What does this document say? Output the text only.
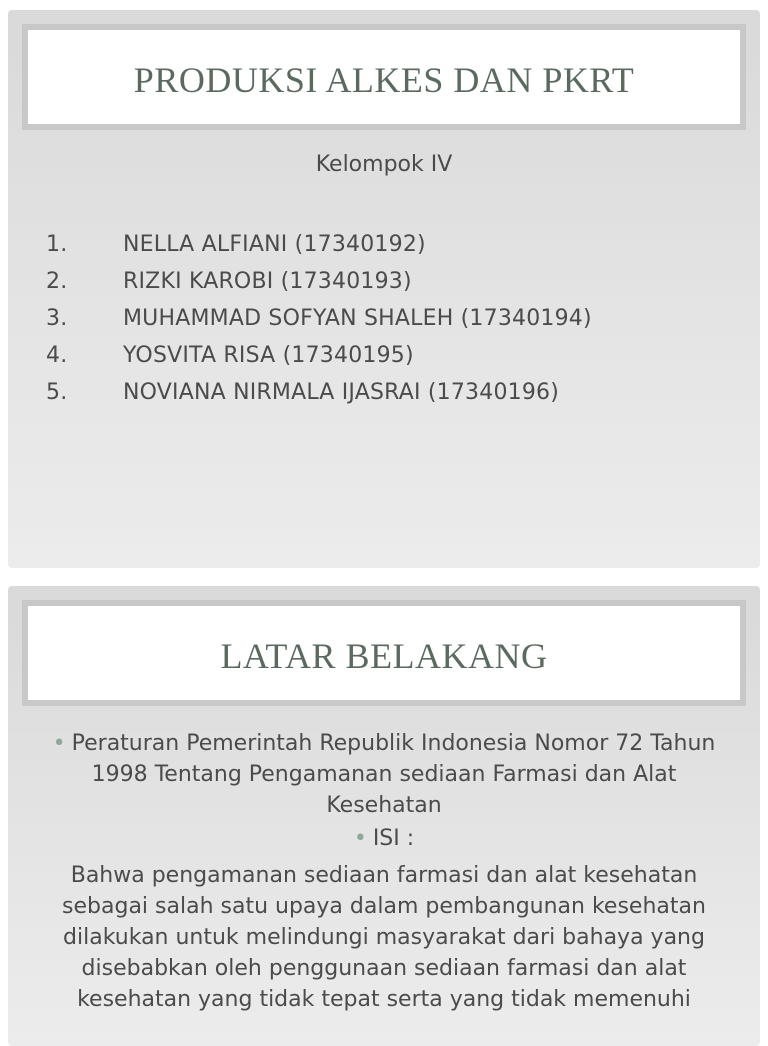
PRODUKSI ALKES DAN PKRT
Kelompok IV
1.	NELLA ALFIANI (17340192)
2.	RIZKI KAROBI (17340193)
3.	MUHAMMAD SOFYAN SHALEH (17340194)
4.	YOSVITA RISA (17340195)
5.	NOVIANA NIRMALA IJASRAI (17340196)
LATAR BELAKANG
• Peraturan Pemerintah Republik Indonesia Nomor 72 Tahun 1998 Tentang Pengamanan sediaan Farmasi dan Alat Kesehatan
• ISI :
Bahwa pengamanan sediaan farmasi dan alat kesehatan sebagai salah satu upaya dalam pembangunan kesehatan dilakukan untuk melindungi masyarakat dari bahaya yang disebabkan oleh penggunaan sediaan farmasi dan alat kesehatan yang tidak tepat serta yang tidak memenuhi
